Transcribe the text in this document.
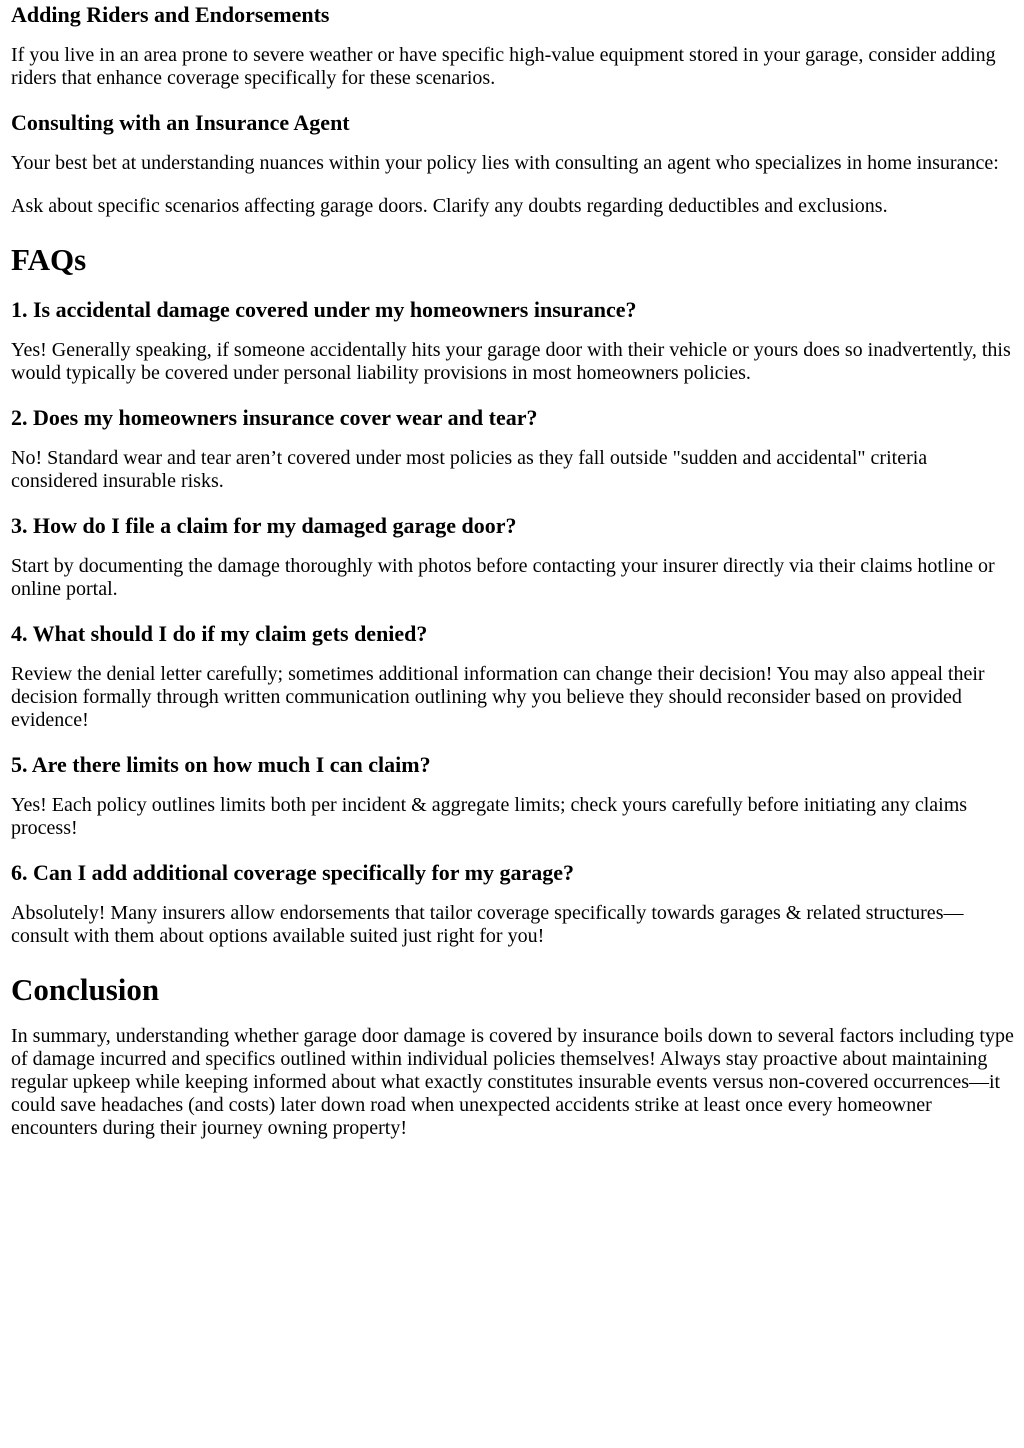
Adding Riders and Endorsements

If you live in an area prone to severe weather or have specific high-value equipment stored in your garage, consider adding riders that enhance coverage specifically for these scenarios.

Consulting with an Insurance Agent

Your best bet at understanding nuances within your policy lies with consulting an agent who specializes in home insurance:

Ask about specific scenarios affecting garage doors. Clarify any doubts regarding deductibles and exclusions.

FAQs
1. Is accidental damage covered under my homeowners insurance?

Yes! Generally speaking, if someone accidentally hits your garage door with their vehicle or yours does so inadvertently, this would typically be covered under personal liability provisions in most homeowners policies.

2. Does my homeowners insurance cover wear and tear?

No! Standard wear and tear aren’t covered under most policies as they fall outside "sudden and accidental" criteria considered insurable risks.

3. How do I file a claim for my damaged garage door?

Start by documenting the damage thoroughly with photos before contacting your insurer directly via their claims hotline or online portal.

4. What should I do if my claim gets denied?

Review the denial letter carefully; sometimes additional information can change their decision! You may also appeal their decision formally through written communication outlining why you believe they should reconsider based on provided evidence!

5. Are there limits on how much I can claim?

Yes! Each policy outlines limits both per incident & aggregate limits; check yours carefully before initiating any claims process!

6. Can I add additional coverage specifically for my garage?

Absolutely! Many insurers allow endorsements that tailor coverage specifically towards garages & related structures—consult with them about options available suited just right for you!

Conclusion

In summary, understanding whether garage door damage is covered by insurance boils down to several factors including type of damage incurred and specifics outlined within individual policies themselves! Always stay proactive about maintaining regular upkeep while keeping informed about what exactly constitutes insurable events versus non-covered occurrences—it could save headaches (and costs) later down road when unexpected accidents strike at least once every homeowner encounters during their journey owning property!
